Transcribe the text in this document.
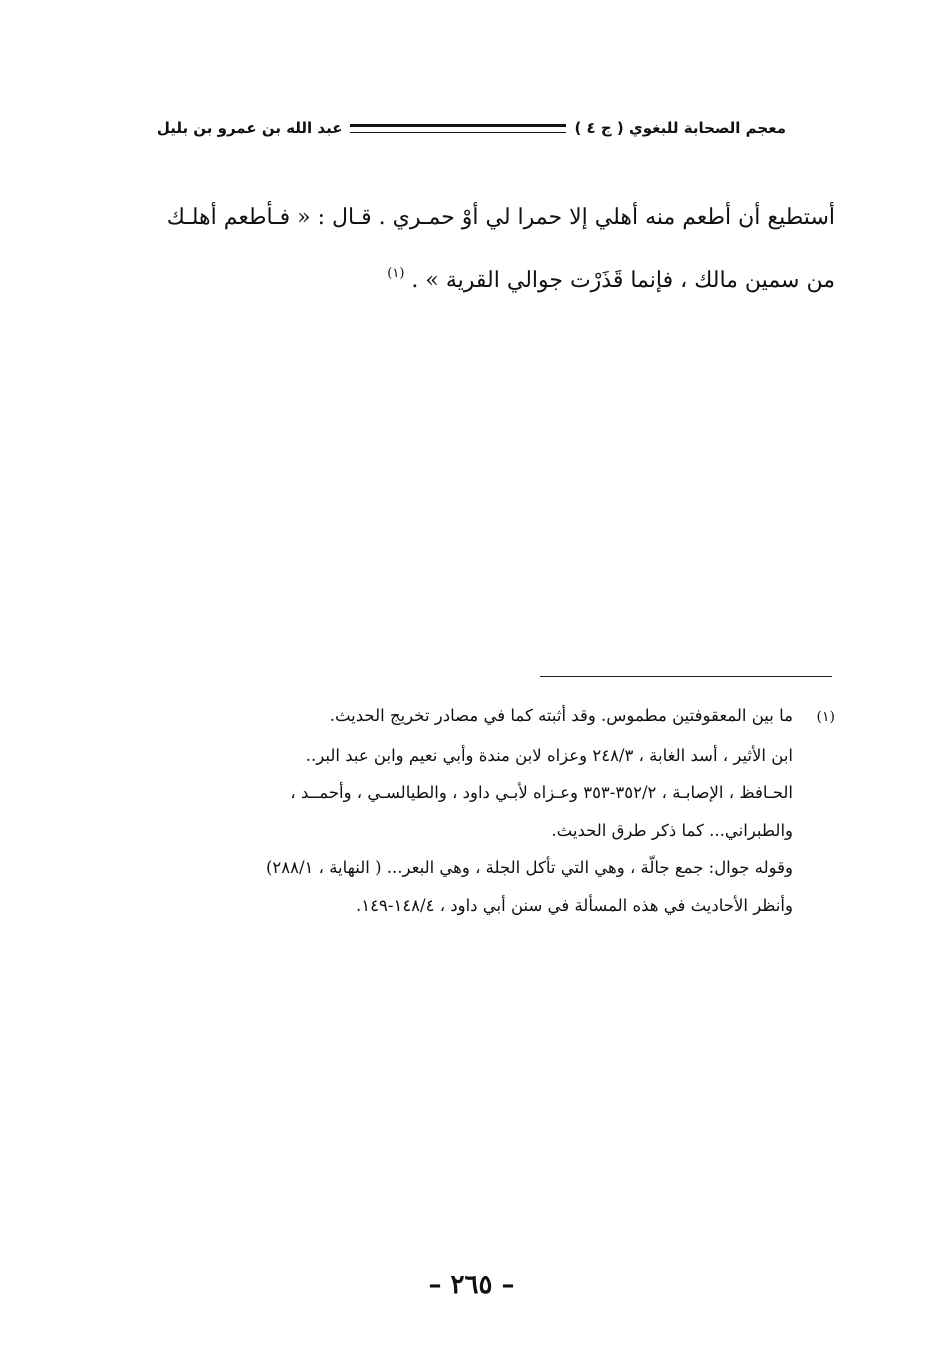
معجم الصحابة للبغوي ( ج ٤ )
عبد الله بن عمرو بن بليل

أستطيع أن أطعم منه أهلي إلا حمرا لي أوْ حمـري . قـال : « فـأطعم أهلـك

من سمين مالك ، فإنما قَذَرْت جوالي القرية » . $^{(١)}$

(١)
ما بين المعقوفتين مطموس. وقد أثبته كما في مصادر تخريج الحديث.
ابن الأثير ، أسد الغابة ، ٢٤٨/٣ وعزاه لابن مندة وأبي نعيم وابن عبد البر..
الحـافظ ، الإصابـة ، ٣٥٢/٢-٣٥٣ وعـزاه لأبـي داود ، والطيالسـي ، وأحمــد ،
والطبراني... كما ذكر طرق الحديث.
وقوله جوال: جمع جالّة ، وهي التي تأكل الجلة ، وهي البعر... ( النهاية ، ٢٨٨/١)
وأنظر الأحاديث في هذه المسألة في سنن أبي داود ، ١٤٨/٤-١٤٩.
– ٢٦٥ –
